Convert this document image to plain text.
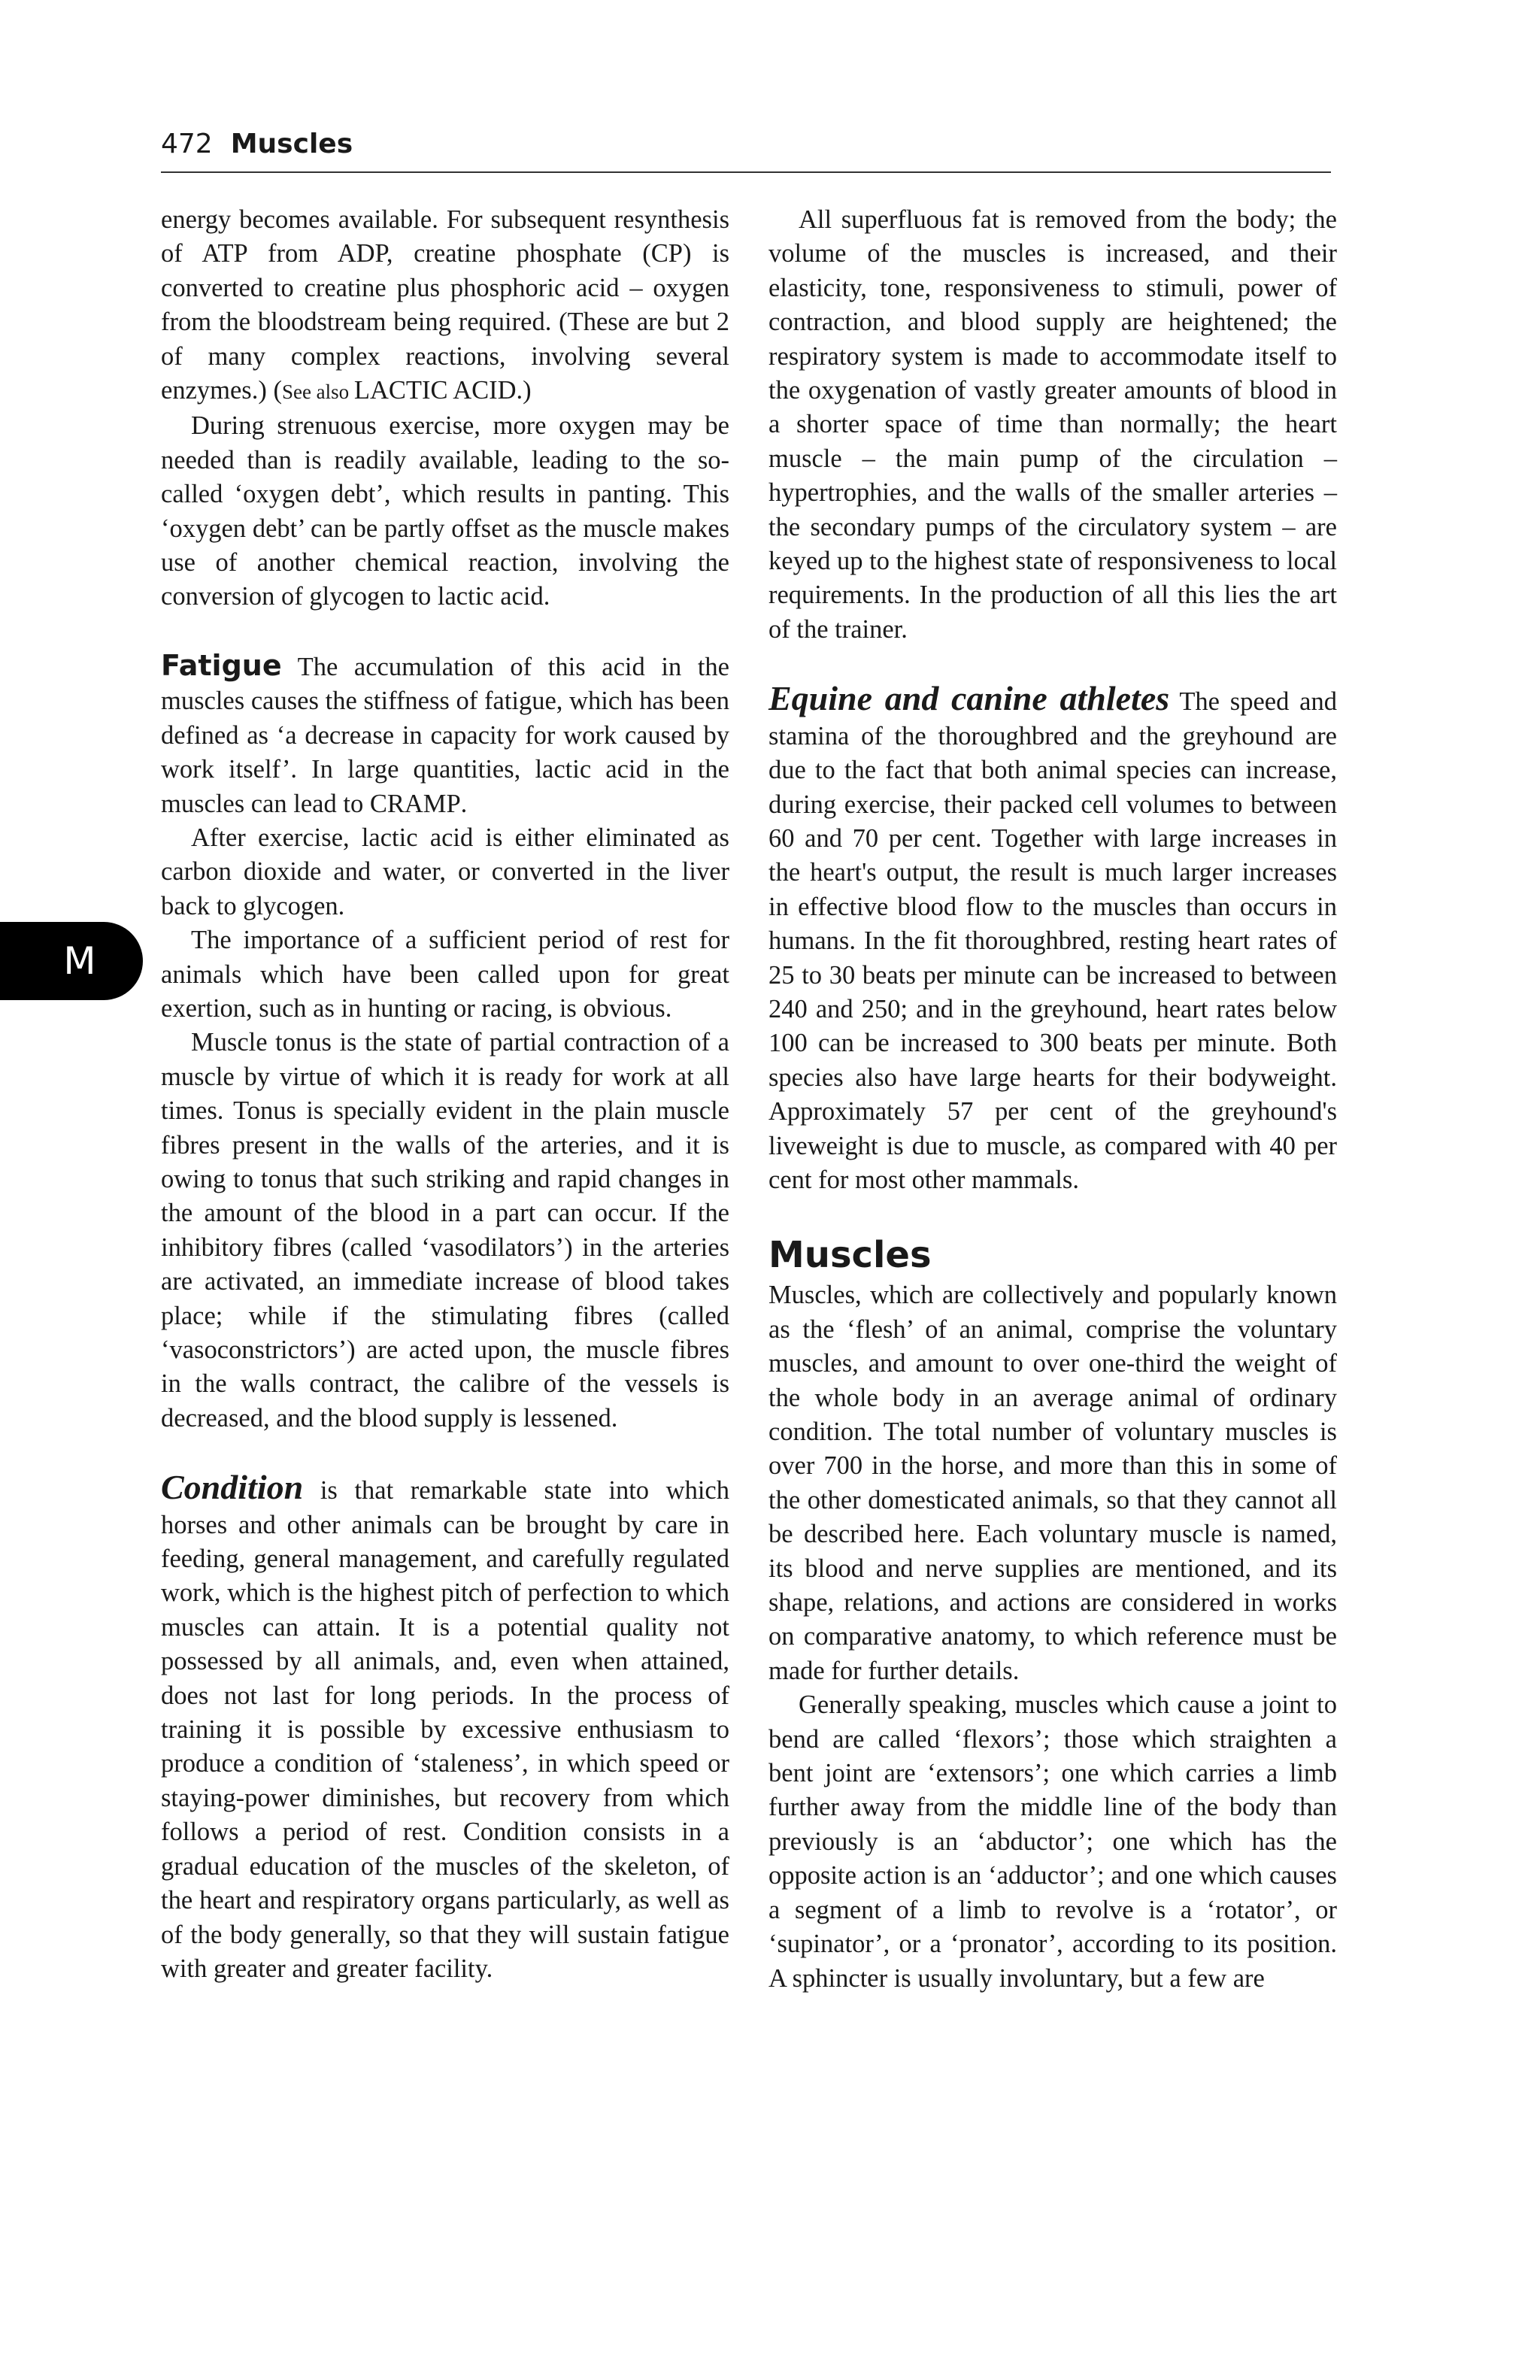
472 Muscles
M

energy becomes available. For subsequent resynthesis of ATP from ADP, creatine phosphate (CP) is converted to creatine plus phosphoric acid – oxygen from the bloodstream being required. (These are but 2 of many complex reactions, involving several enzymes.) (See also LACTIC ACID.)

During strenuous exercise, more oxygen may be needed than is readily available, leading to the so-called ‘oxygen debt’, which results in panting. This ‘oxygen debt’ can be partly offset as the muscle makes use of another chemical reaction, involving the conversion of glycogen to lactic acid.

Fatigue The accumulation of this acid in the muscles causes the stiffness of fatigue, which has been defined as ‘a decrease in capacity for work caused by work itself’. In large quantities, lactic acid in the muscles can lead to CRAMP.

After exercise, lactic acid is either eliminated as carbon dioxide and water, or converted in the liver back to glycogen.

The importance of a sufficient period of rest for animals which have been called upon for great exertion, such as in hunting or racing, is obvious.

Muscle tonus is the state of partial contraction of a muscle by virtue of which it is ready for work at all times. Tonus is specially evident in the plain muscle fibres present in the walls of the arteries, and it is owing to tonus that such striking and rapid changes in the amount of the blood in a part can occur. If the inhibitory fibres (called ‘vasodilators’) in the arteries are activated, an immediate increase of blood takes place; while if the stimulating fibres (called ‘vasoconstrictors’) are acted upon, the muscle fibres in the walls contract, the calibre of the vessels is decreased, and the blood supply is lessened.

Condition is that remarkable state into which horses and other animals can be brought by care in feeding, general management, and carefully regulated work, which is the highest pitch of perfection to which muscles can attain. It is a potential quality not possessed by all animals, and, even when attained, does not last for long periods. In the process of training it is possible by excessive enthusiasm to produce a condition of ‘staleness’, in which speed or staying-power diminishes, but recovery from which follows a period of rest. Condition consists in a gradual education of the muscles of the skeleton, of the heart and respiratory organs particularly, as well as of the body generally, so that they will sustain fatigue with greater and greater facility.

All superfluous fat is removed from the body; the volume of the muscles is increased, and their elasticity, tone, responsiveness to stimuli, power of contraction, and blood supply are heightened; the respiratory system is made to accommodate itself to the oxygenation of vastly greater amounts of blood in a shorter space of time than normally; the heart muscle – the main pump of the circulation – hypertrophies, and the walls of the smaller arteries – the secondary pumps of the circulatory system – are keyed up to the highest state of responsiveness to local requirements. In the production of all this lies the art of the trainer.

Equine and canine athletes The speed and stamina of the thoroughbred and the greyhound are due to the fact that both animal species can increase, during exercise, their packed cell volumes to between 60 and 70 per cent. Together with large increases in the heart's output, the result is much larger increases in effective blood flow to the muscles than occurs in humans. In the fit thoroughbred, resting heart rates of 25 to 30 beats per minute can be increased to between 240 and 250; and in the greyhound, heart rates below 100 can be increased to 300 beats per minute. Both species also have large hearts for their bodyweight. Approximately 57 per cent of the greyhound's liveweight is due to muscle, as compared with 40 per cent for most other mammals.

Muscles

Muscles, which are collectively and popularly known as the ‘flesh’ of an animal, comprise the voluntary muscles, and amount to over one-third the weight of the whole body in an average animal of ordinary condition. The total number of voluntary muscles is over 700 in the horse, and more than this in some of the other domesticated animals, so that they cannot all be described here. Each voluntary muscle is named, its blood and nerve supplies are mentioned, and its shape, relations, and actions are considered in works on comparative anatomy, to which reference must be made for further details.

Generally speaking, muscles which cause a joint to bend are called ‘flexors’; those which straighten a bent joint are ‘extensors’; one which carries a limb further away from the middle line of the body than previously is an ‘abductor’; one which has the opposite action is an ‘adductor’; and one which causes a segment of a limb to revolve is a ‘rotator’, or ‘supinator’, or a ‘pronator’, according to its position. A sphincter is usually involuntary, but a few are
